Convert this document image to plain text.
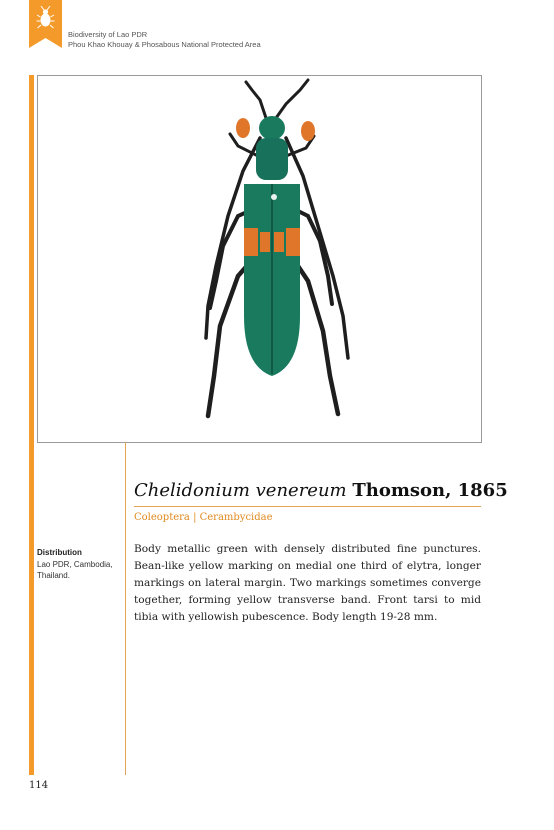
Biodiversity of Lao PDR
Phou Khao Khouay & Phosabous National Protected Area
Chelidonium venereum Thomson, 1865
Coleoptera | Cerambycidae
Distribution
Lao PDR, Cambodia, Thailand.
Body metallic green with densely distributed fine punctures. Bean-like yellow marking on medial one third of elytra, longer markings on lateral margin. Two markings sometimes converge together, forming yellow transverse band. Front tarsi to mid tibia with yellowish pubescence. Body length 19-28 mm.
114
